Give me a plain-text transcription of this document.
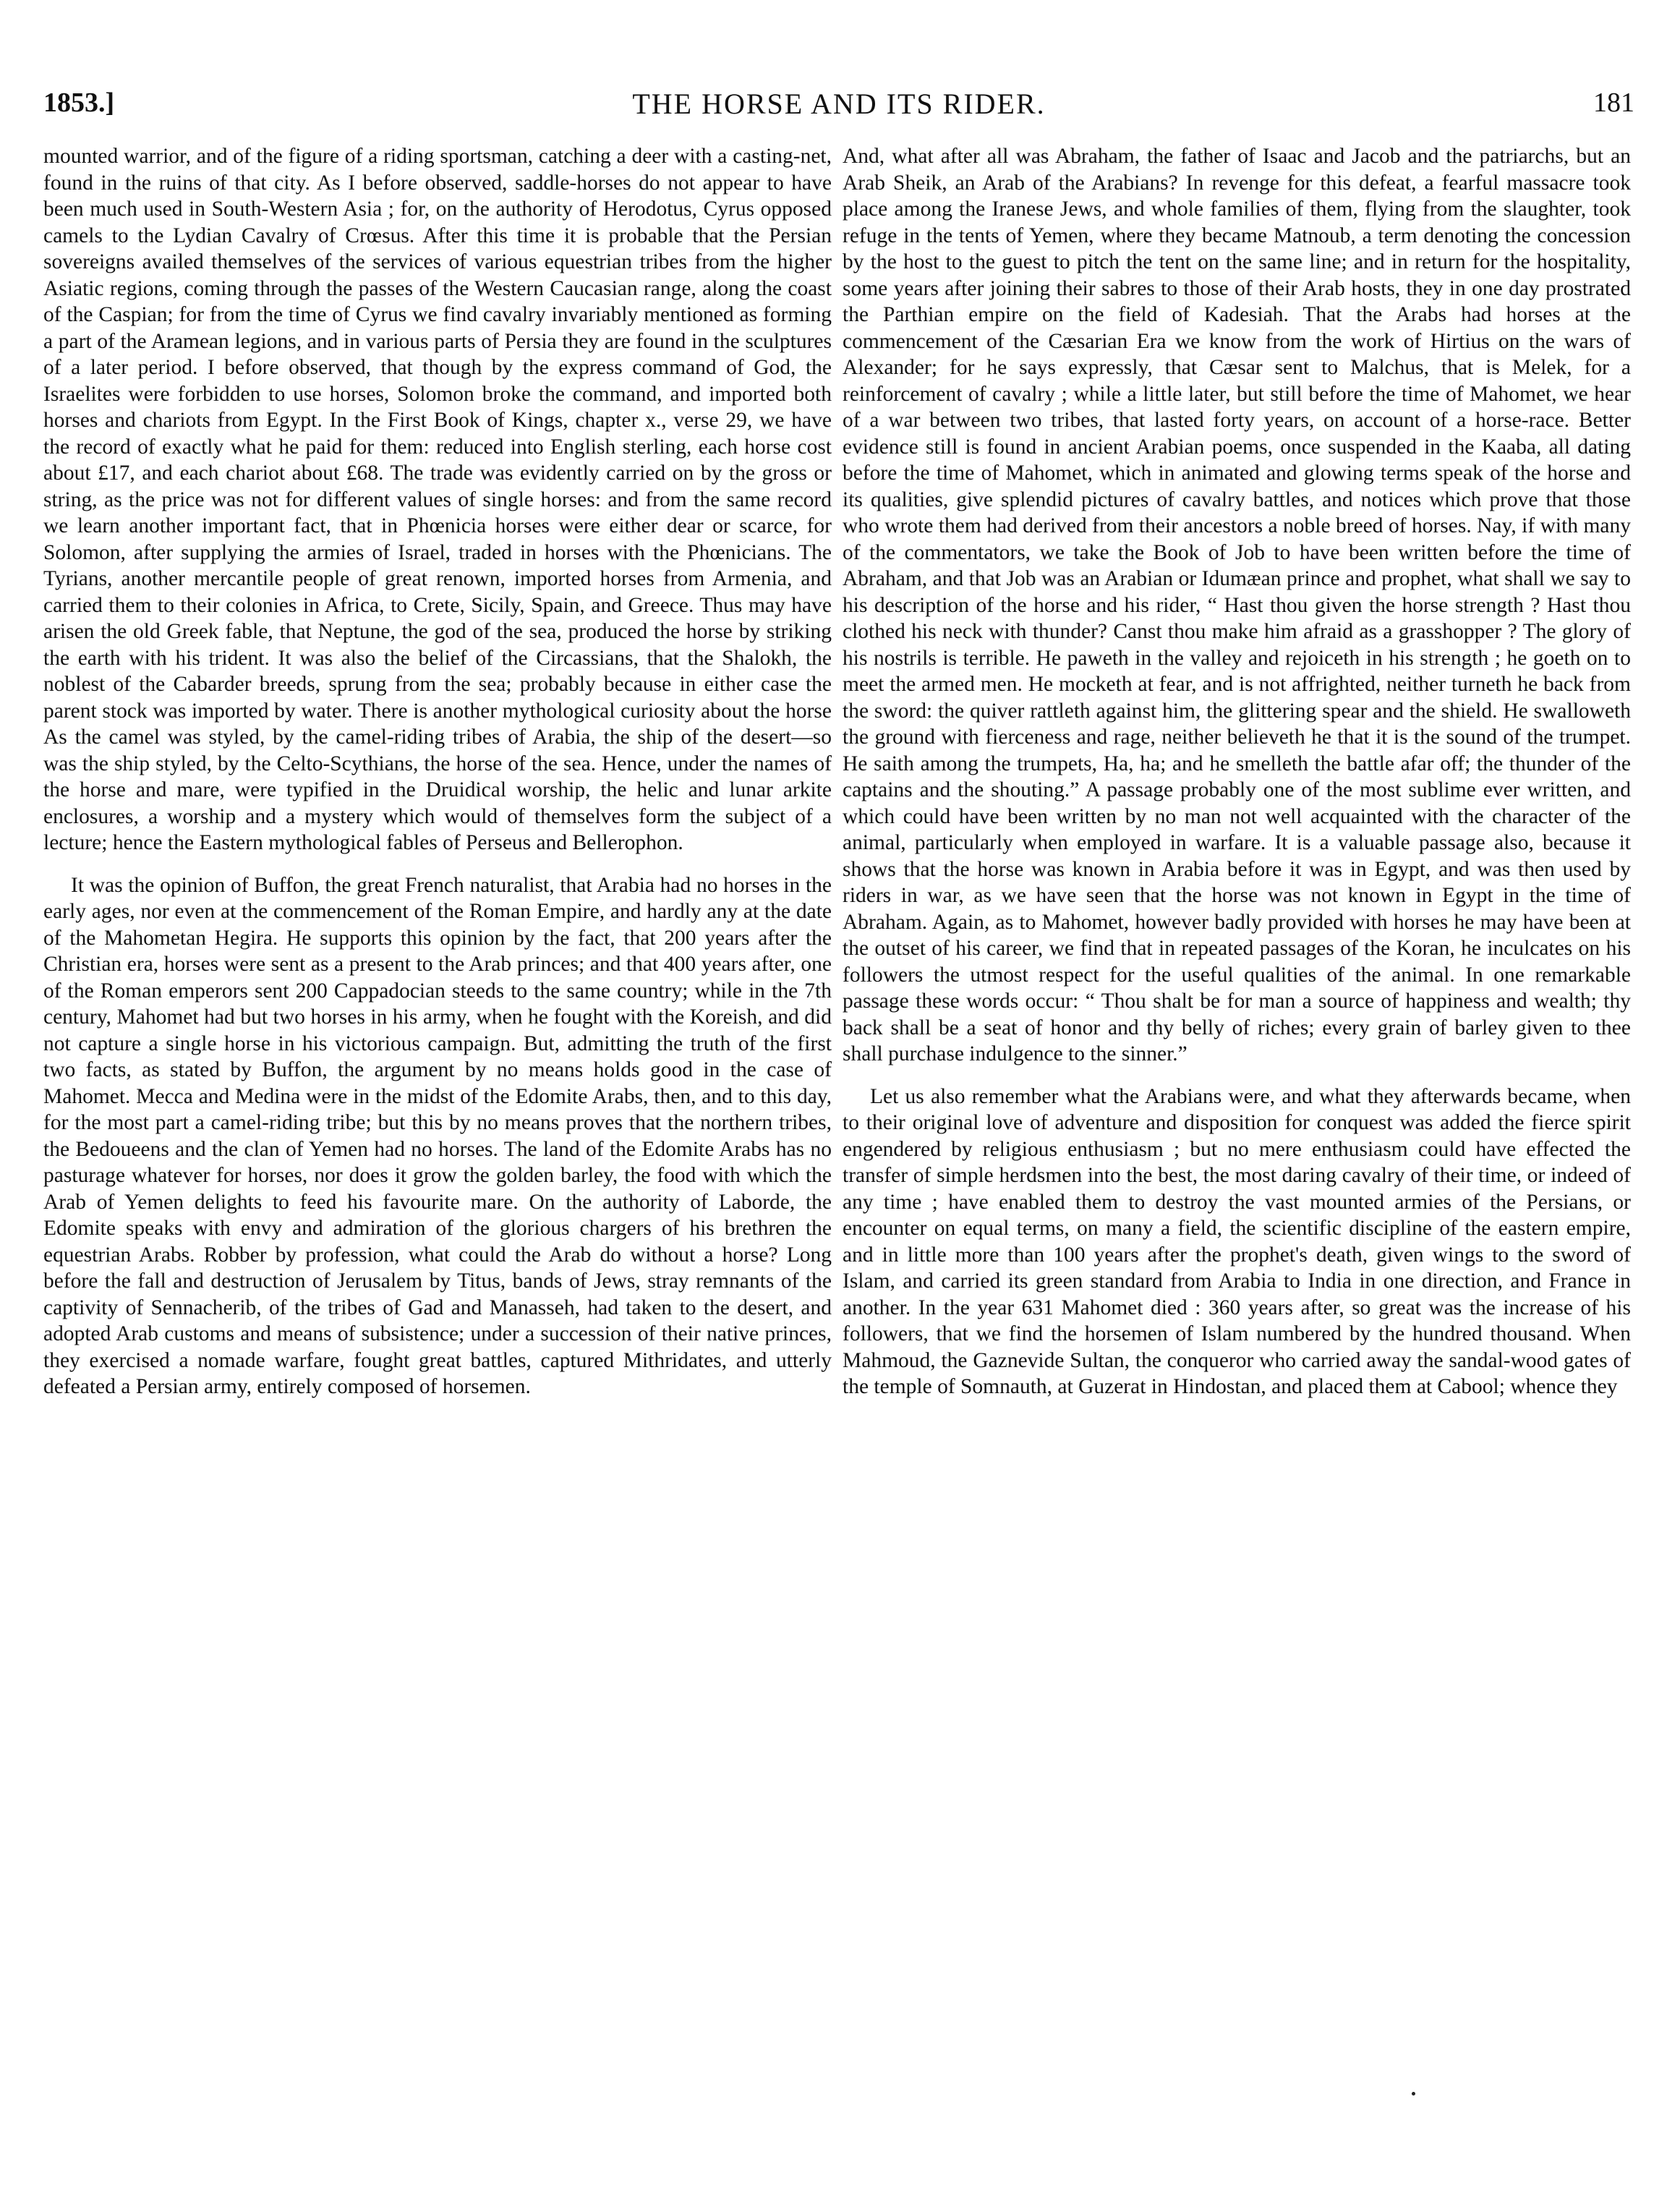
1853.]	THE HORSE AND ITS RIDER.	181

mounted warrior, and of the figure of a riding sportsman, catching a deer with a casting-net, found in the ruins of that city. As I before observed, saddle-horses do not appear to have been much used in South-Western Asia ; for, on the authority of Herodotus, Cyrus opposed camels to the Lydian Cavalry of Crœsus. After this time it is probable that the Persian sovereigns availed themselves of the services of various equestrian tribes from the higher Asiatic regions, coming through the passes of the Western Caucasian range, along the coast of the Caspian; for from the time of Cyrus we find cavalry invariably mentioned as forming a part of the Aramean legions, and in various parts of Persia they are found in the sculptures of a later period. I before observed, that though by the express command of God, the Israelites were forbidden to use horses, Solomon broke the command, and imported both horses and chariots from Egypt. In the First Book of Kings, chapter x., verse 29, we have the record of exactly what he paid for them: reduced into English sterling, each horse cost about £17, and each chariot about £68. The trade was evidently carried on by the gross or string, as the price was not for different values of single horses: and from the same record we learn another important fact, that in Phœnicia horses were either dear or scarce, for Solomon, after supplying the armies of Israel, traded in horses with the Phœnicians. The Tyrians, another mercantile people of great renown, imported horses from Armenia, and carried them to their colonies in Africa, to Crete, Sicily, Spain, and Greece. Thus may have arisen the old Greek fable, that Neptune, the god of the sea, produced the horse by striking the earth with his trident. It was also the belief of the Circassians, that the Shalokh, the noblest of the Cabarder breeds, sprung from the sea; probably because in either case the parent stock was imported by water. There is another mythological curiosity about the horse As the camel was styled, by the camel-riding tribes of Arabia, the ship of the desert—so was the ship styled, by the Celto-Scythians, the horse of the sea. Hence, under the names of the horse and mare, were typified in the Druidical worship, the helic and lunar arkite enclosures, a worship and a mystery which would of themselves form the subject of a lecture; hence the Eastern mythological fables of Perseus and Bellerophon.

It was the opinion of Buffon, the great French naturalist, that Arabia had no horses in the early ages, nor even at the commencement of the Roman Empire, and hardly any at the date of the Mahometan Hegira. He supports this opinion by the fact, that 200 years after the Christian era, horses were sent as a present to the Arab princes; and that 400 years after, one of the Roman emperors sent 200 Cappadocian steeds to the same country; while in the 7th century, Mahomet had but two horses in his army, when he fought with the Koreish, and did not capture a single horse in his victorious campaign. But, admitting the truth of the first two facts, as stated by Buffon, the argument by no means holds good in the case of Mahomet. Mecca and Medina were in the midst of the Edomite Arabs, then, and to this day, for the most part a camel-riding tribe; but this by no means proves that the northern tribes, the Bedoueens and the clan of Yemen had no horses. The land of the Edomite Arabs has no pasturage whatever for horses, nor does it grow the golden barley, the food with which the Arab of Yemen delights to feed his favourite mare. On the authority of Laborde, the Edomite speaks with envy and admiration of the glorious chargers of his brethren the equestrian Arabs. Robber by profession, what could the Arab do without a horse? Long before the fall and destruction of Jerusalem by Titus, bands of Jews, stray remnants of the captivity of Sennacherib, of the tribes of Gad and Manasseh, had taken to the desert, and adopted Arab customs and means of subsistence; under a succession of their native princes, they exercised a nomade warfare, fought great battles, captured Mithridates, and utterly defeated a Persian army, entirely composed of horsemen.

And, what after all was Abraham, the father of Isaac and Jacob and the patriarchs, but an Arab Sheik, an Arab of the Arabians? In revenge for this defeat, a fearful massacre took place among the Iranese Jews, and whole families of them, flying from the slaughter, took refuge in the tents of Yemen, where they became Matnoub, a term denoting the concession by the host to the guest to pitch the tent on the same line; and in return for the hospitality, some years after joining their sabres to those of their Arab hosts, they in one day prostrated the Parthian empire on the field of Kadesiah. That the Arabs had horses at the commencement of the Cæsarian Era we know from the work of Hirtius on the wars of Alexander; for he says expressly, that Cæsar sent to Malchus, that is Melek, for a reinforcement of cavalry ; while a little later, but still before the time of Mahomet, we hear of a war between two tribes, that lasted forty years, on account of a horse-race. Better evidence still is found in ancient Arabian poems, once suspended in the Kaaba, all dating before the time of Mahomet, which in animated and glowing terms speak of the horse and its qualities, give splendid pictures of cavalry battles, and notices which prove that those who wrote them had derived from their ancestors a noble breed of horses. Nay, if with many of the commentators, we take the Book of Job to have been written before the time of Abraham, and that Job was an Arabian or Idumæan prince and prophet, what shall we say to his description of the horse and his rider, “ Hast thou given the horse strength ? Hast thou clothed his neck with thunder? Canst thou make him afraid as a grasshopper ? The glory of his nostrils is terrible. He paweth in the valley and rejoiceth in his strength ; he goeth on to meet the armed men. He mocketh at fear, and is not affrighted, neither turneth he back from the sword: the quiver rattleth against him, the glittering spear and the shield. He swalloweth the ground with fierceness and rage, neither believeth he that it is the sound of the trumpet. He saith among the trumpets, Ha, ha; and he smelleth the battle afar off; the thunder of the captains and the shouting.” A passage probably one of the most sublime ever written, and which could have been written by no man not well acquainted with the character of the animal, particularly when employed in warfare. It is a valuable passage also, because it shows that the horse was known in Arabia before it was in Egypt, and was then used by riders in war, as we have seen that the horse was not known in Egypt in the time of Abraham. Again, as to Mahomet, however badly provided with horses he may have been at the outset of his career, we find that in repeated passages of the Koran, he inculcates on his followers the utmost respect for the useful qualities of the animal. In one remarkable passage these words occur: “ Thou shalt be for man a source of happiness and wealth; thy back shall be a seat of honor and thy belly of riches; every grain of barley given to thee shall purchase indulgence to the sinner.”

Let us also remember what the Arabians were, and what they afterwards became, when to their original love of adventure and disposition for conquest was added the fierce spirit engendered by religious enthusiasm ; but no mere enthusiasm could have effected the transfer of simple herdsmen into the best, the most daring cavalry of their time, or indeed of any time ; have enabled them to destroy the vast mounted armies of the Persians, or encounter on equal terms, on many a field, the scientific discipline of the eastern empire, and in little more than 100 years after the prophet's death, given wings to the sword of Islam, and carried its green standard from Arabia to India in one direction, and France in another. In the year 631 Mahomet died : 360 years after, so great was the increase of his followers, that we find the horsemen of Islam numbered by the hundred thousand. When Mahmoud, the Gaznevide Sultan, the conqueror who carried away the sandal-wood gates of the temple of Somnauth, at Guzerat in Hindostan, and placed them at Cabool; whence they
